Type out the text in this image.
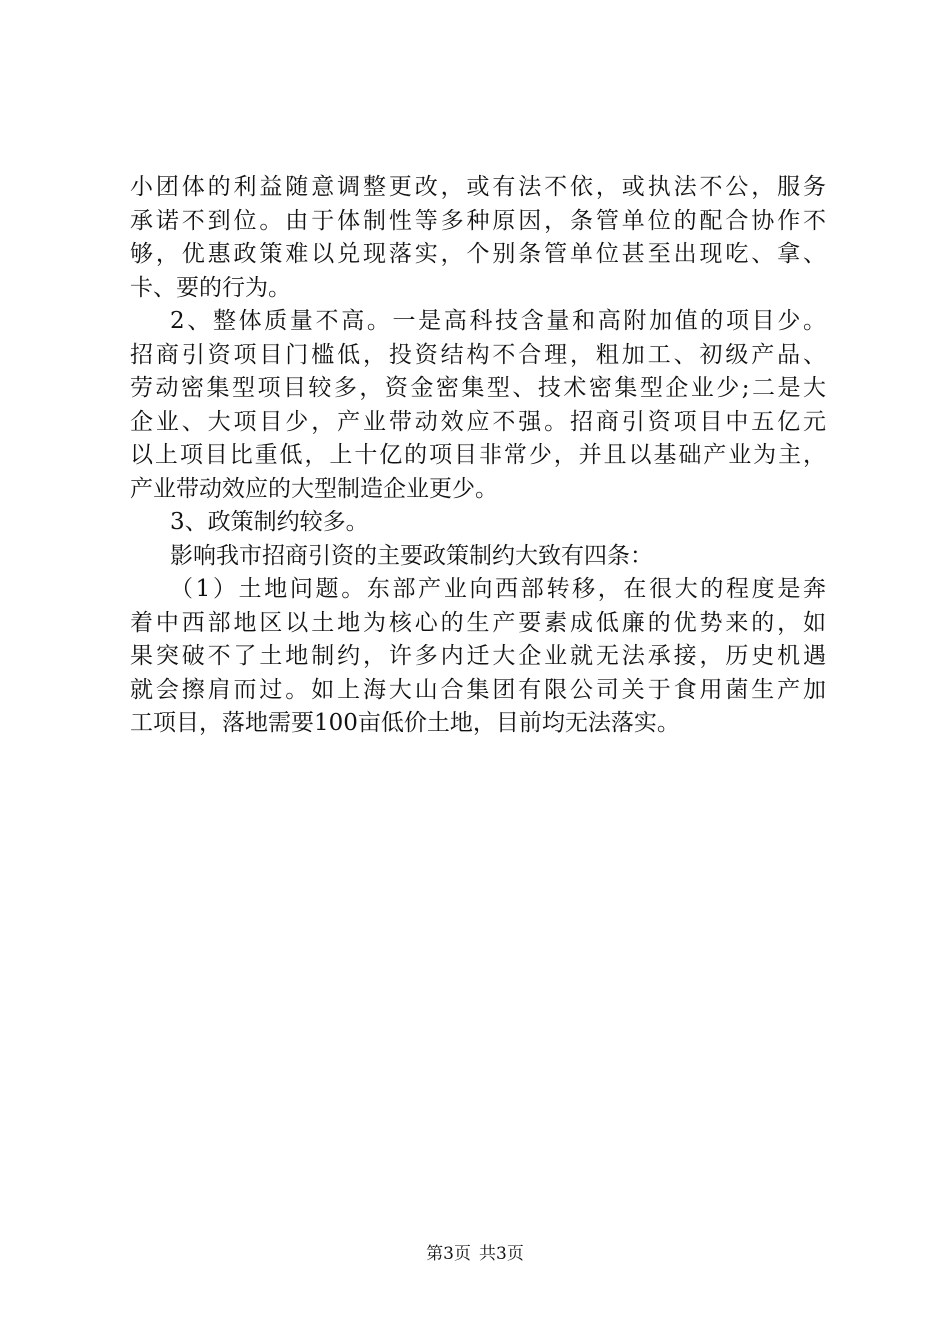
小团体的利益随意调整更改，或有法不依，或执法不公，服务
承诺不到位。由于体制性等多种原因，条管单位的配合协作不
够，优惠政策难以兑现落实，个别条管单位甚至出现吃、拿、
卡、要的行为。
2、整体质量不高。一是高科技含量和高附加值的项目少。
招商引资项目门槛低，投资结构不合理，粗加工、初级产品、
劳动密集型项目较多，资金密集型、技术密集型企业少;二是大
企业、大项目少，产业带动效应不强。招商引资项目中五亿元
以上项目比重低，上十亿的项目非常少，并且以基础产业为主，
产业带动效应的大型制造企业更少。
3、政策制约较多。
影响我市招商引资的主要政策制约大致有四条：
（1）土地问题。东部产业向西部转移，在很大的程度是奔
着中西部地区以土地为核心的生产要素成低廉的优势来的，如
果突破不了土地制约，许多内迁大企业就无法承接，历史机遇
就会擦肩而过。如上海大山合集团有限公司关于食用菌生产加
工项目，落地需要100亩低价土地，目前均无法落实。
第3页 共3页
